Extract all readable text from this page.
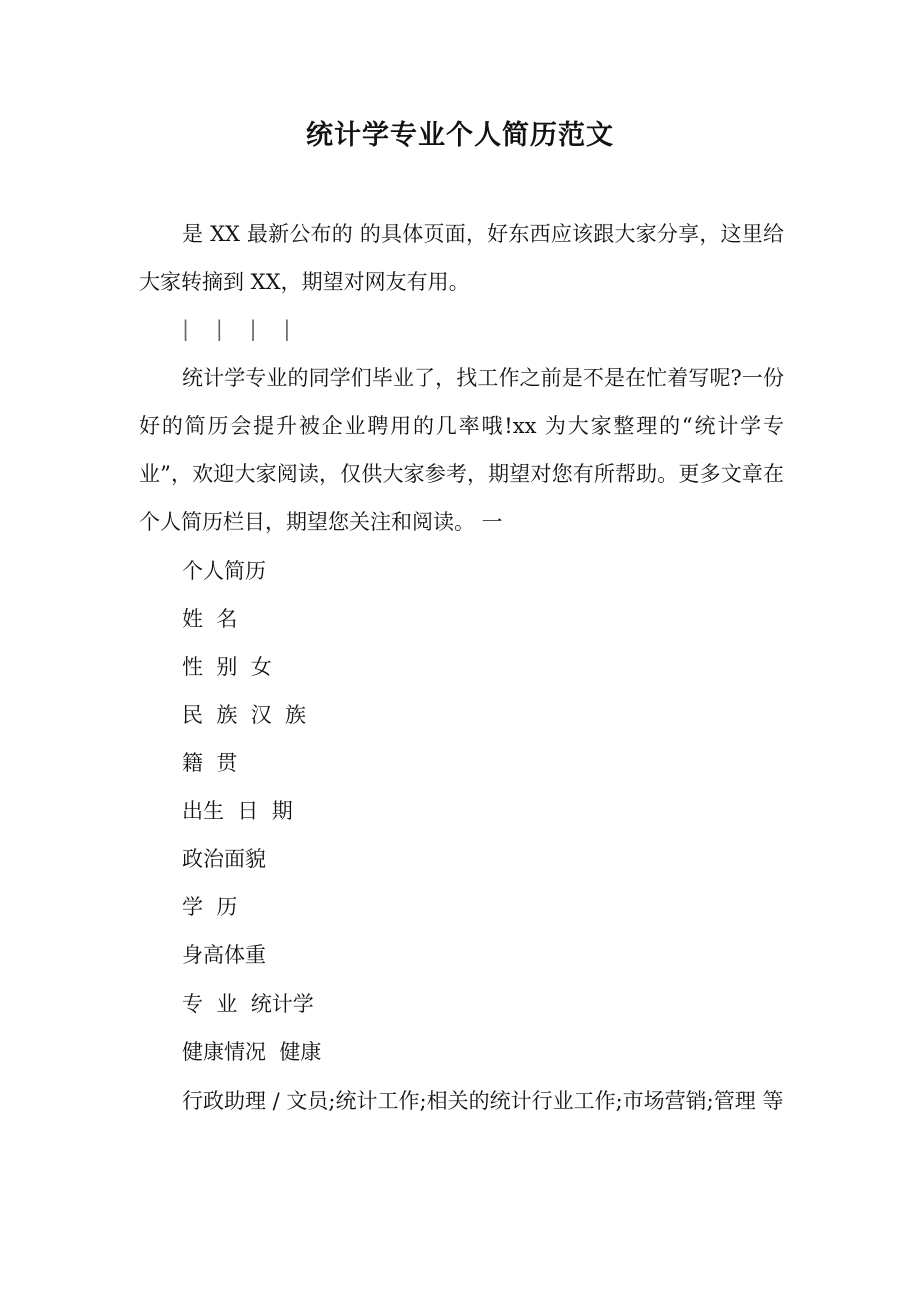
统计学专业个人简历范文

是 XX 最新公布的 的具体页面，好东西应该跟大家分享，这里给大家转摘到 XX，期望对网友有用。

|    |    |    |

统计学专业的同学们毕业了，找工作之前是不是在忙着写呢?一份好的简历会提升被企业聘用的几率哦!xx 为大家整理的“统计学专业”，欢迎大家阅读，仅供大家参考，期望对您有所帮助。更多文章在个人简历栏目，期望您关注和阅读。 一

个人简历

姓  名

性  别  女

民  族  汉  族

籍  贯

出生  日  期

政治面貌

学  历

身高体重

专  业  统计学

健康情况  健康

行政助理 / 文员;统计工作;相关的统计行业工作;市场营销;管理 等
